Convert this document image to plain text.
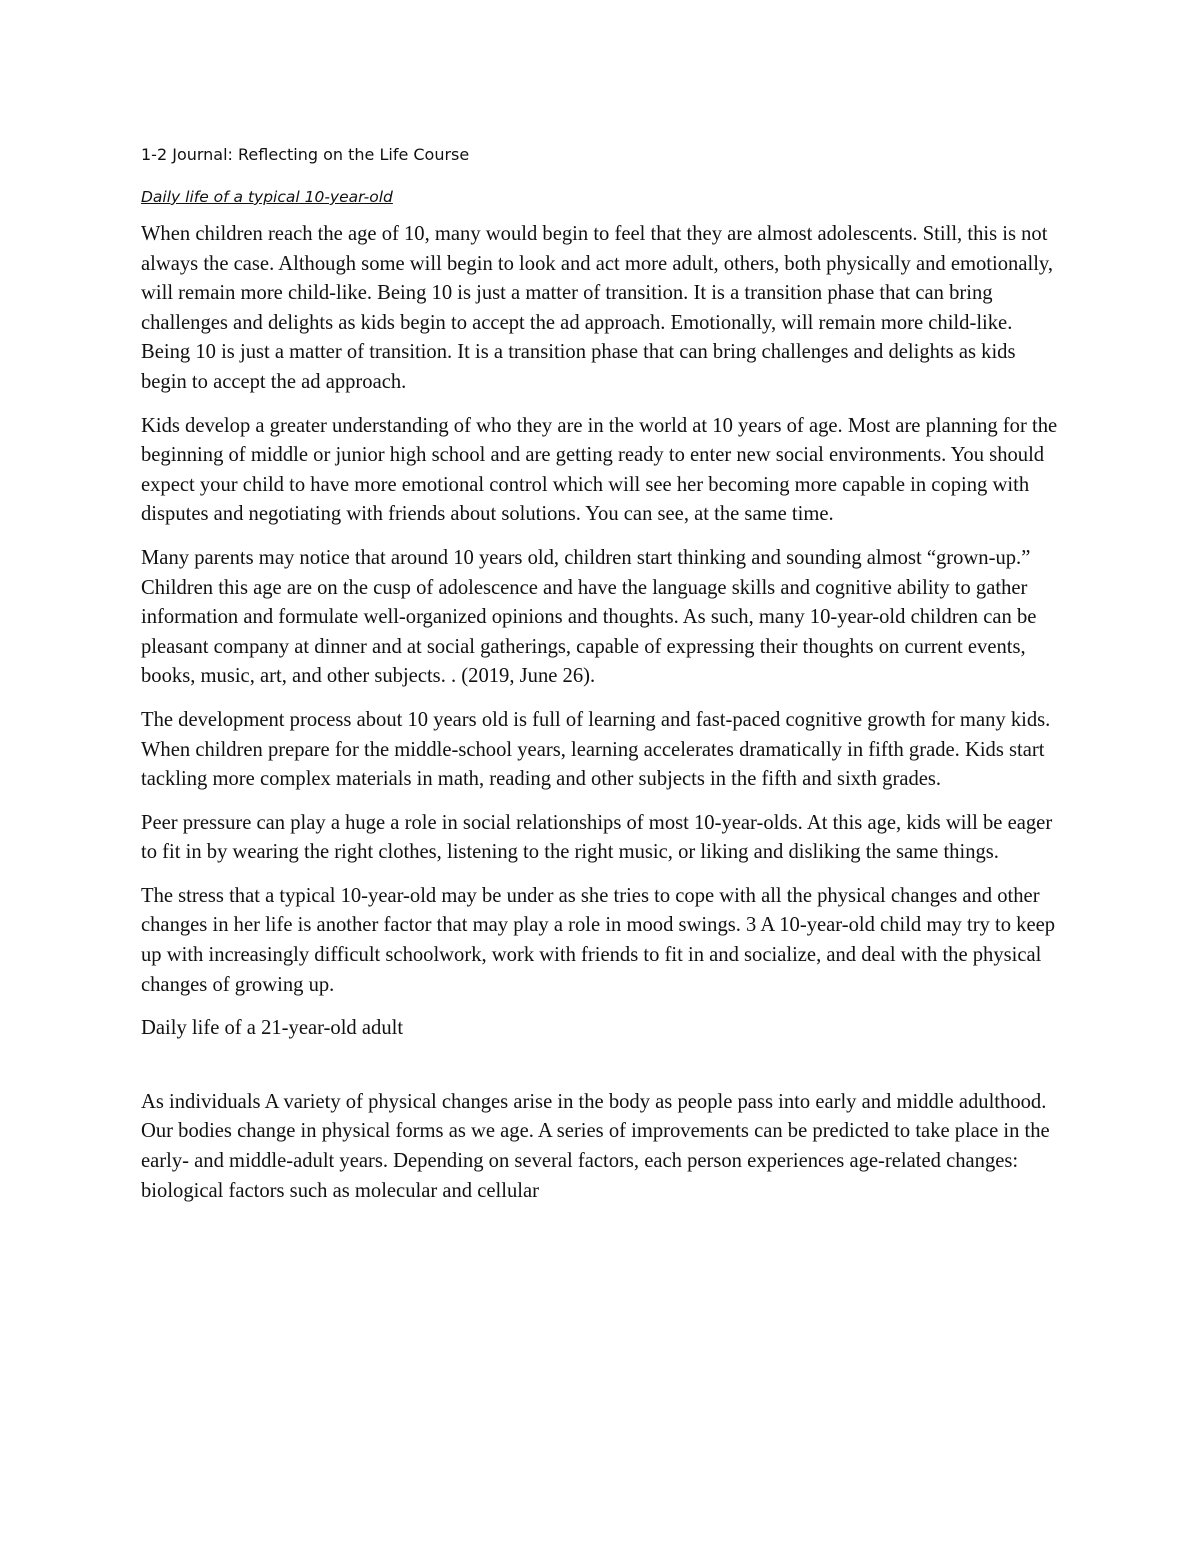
1-2 Journal: Reflecting on the Life Course
Daily life of a typical 10-year-old

When children reach the age of 10, many would begin to feel that they are almost adolescents. Still, this is not always the case. Although some will begin to look and act more adult, others, both physically and emotionally, will remain more child-like. Being 10 is just a matter of transition. It is a transition phase that can bring challenges and delights as kids begin to accept the ad approach. Emotionally, will remain more child-like. Being 10 is just a matter of transition. It is a transition phase that can bring challenges and delights as kids begin to accept the ad approach.

Kids develop a greater understanding of who they are in the world at 10 years of age. Most are planning for the beginning of middle or junior high school and are getting ready to enter new social environments. You should expect your child to have more emotional control which will see her becoming more capable in coping with disputes and negotiating with friends about solutions. You can see, at the same time.

Many parents may notice that around 10 years old, children start thinking and sounding almost “grown-up.” Children this age are on the cusp of adolescence and have the language skills and cognitive ability to gather information and formulate well-organized opinions and thoughts. As such, many 10-year-old children can be pleasant company at dinner and at social gatherings, capable of expressing their thoughts on current events, books, music, art, and other subjects. . (2019, June 26).

The development process about 10 years old is full of learning and fast-paced cognitive growth for many kids. When children prepare for the middle-school years, learning accelerates dramatically in fifth grade. Kids start tackling more complex materials in math, reading and other subjects in the fifth and sixth grades.

Peer pressure can play a huge a role in social relationships of most 10-year-olds. At this age, kids will be eager to fit in by wearing the right clothes, listening to the right music, or liking and disliking the same things.

The stress that a typical 10-year-old may be under as she tries to cope with all the physical changes and other changes in her life is another factor that may play a role in mood swings. 3 A 10-year-old child may try to keep up with increasingly difficult schoolwork, work with friends to fit in and socialize, and deal with the physical changes of growing up.

Daily life of a 21-year-old adult

As individuals A variety of physical changes arise in the body as people pass into early and middle adulthood. Our bodies change in physical forms as we age. A series of improvements can be predicted to take place in the early- and middle-adult years. Depending on several factors, each person experiences age-related changes: biological factors such as molecular and cellular
